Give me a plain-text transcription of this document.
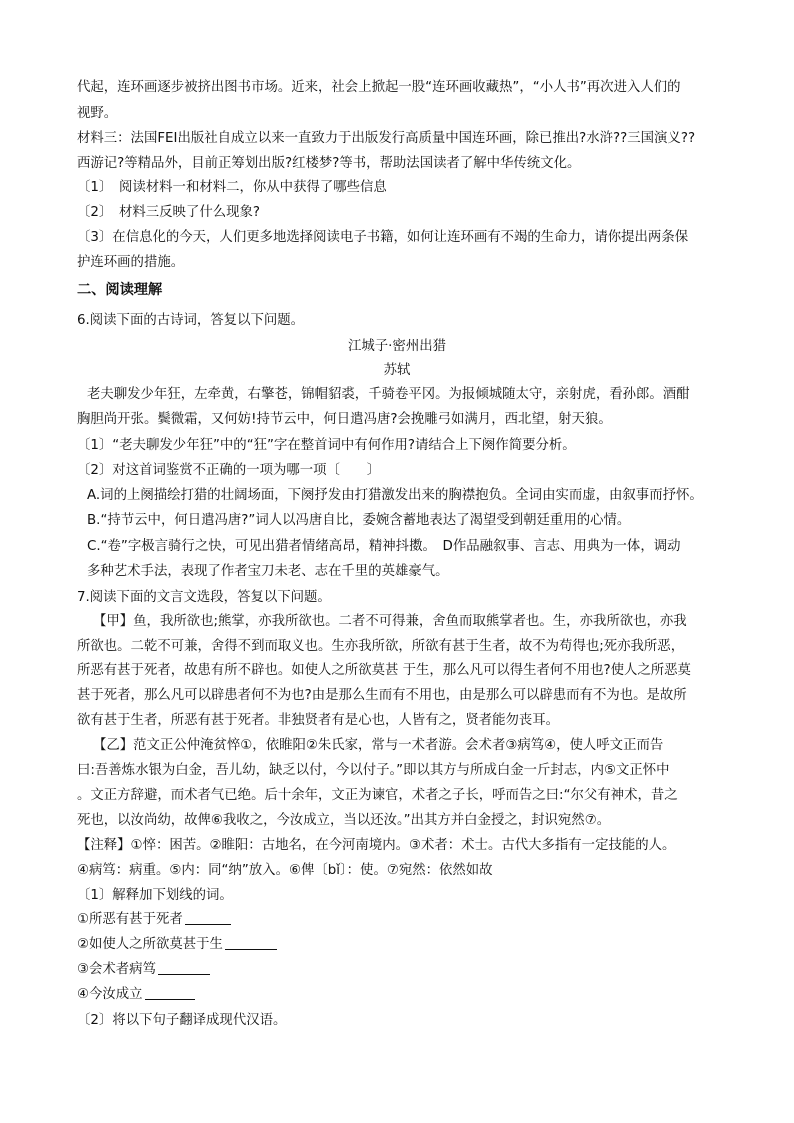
代起，连环画逐步被挤出图书市场。近来，社会上掀起一股“连环画收藏热”，“小人书”再次进入人们的
视野。
材料三：法国FEI出版社自成立以来一直致力于出版发行高质量中国连环画，除已推出?水浒??三国演义??
西游记?等精品外，目前正筹划出版?红楼梦?等书，帮助法国读者了解中华传统文化。
〔1〕　阅读材料一和材料二，你从中获得了哪些信息
〔2〕　材料三反映了什么现象?
〔3〕在信息化的今天，人们更多地选择阅读电子书籍，如何让连环画有不竭的生命力，请你提出两条保
护连环画的措施。
二、阅读理解
6.阅读下面的古诗词，答复以下问题。
江城子·密州出猎
苏轼
老夫聊发少年狂，左牵黄，右擎苍，锦帽貂裘，千骑卷平冈。为报倾城随太守，亲射虎，看孙郎。酒酣
胸胆尚开张。鬓微霜，又何妨!持节云中，何日遣冯唐?会挽雕弓如满月，西北望，射天狼。
〔1〕“老夫聊发少年狂”中的“狂”字在整首词中有何作用?请结合上下阕作简要分析。
〔2〕对这首词鉴赏不正确的一项为哪一项〔　　〕
A.词的上阕描绘打猎的壮阔场面，下阕抒发由打猎激发出来的胸襟抱负。全词由实而虚，由叙事而抒怀。
B.“持节云中，何日遣冯唐?”词人以冯唐自比，委婉含蓄地表达了渴望受到朝廷重用的心情。
C.“卷”字极言骑行之快，可见出猎者情绪高昂，精神抖擞。　D作品融叙事、言志、用典为一体，调动
多种艺术手法，表现了作者宝刀未老、志在千里的英雄豪气。
7.阅读下面的文言文选段，答复以下问题。
【甲】鱼，我所欲也;熊掌，亦我所欲也。二者不可得兼，舍鱼而取熊掌者也。生，亦我所欲也，亦我
所欲也。二乾不可兼，舍得不到而取义也。生亦我所欲，所欲有甚于生者，故不为苟得也;死亦我所恶，
所恶有甚于死者，故患有所不辟也。如使人之所欲莫甚 于生，那么凡可以得生者何不用也?使人之所恶莫
甚于死者，那么凡可以辟患者何不为也?由是那么生而有不用也，由是那么可以辟患而有不为也。是故所
欲有甚于生者，所恶有甚于死者。非独贤者有是心也，人皆有之，贤者能勿丧耳。
【乙】范文正公仲淹贫悴①，依睢阳②朱氏家，常与一术者游。会术者③病笃④，使人呼文正而告
曰:吾善炼水银为白金，吾儿幼，缺乏以付，今以付子。”即以其方与所成白金一斤封志，内⑤文正怀中
。文正方辞避，而术者气已绝。后十余年，文正为谏官，术者之子长，呼而告之曰:“尔父有神术，昔之
死也，以汝尚幼，故俾⑥我收之，今汝成立，当以还汝。”出其方并白金授之，封识宛然⑦。
【注释】①悴：困苦。②睢阳：古地名，在今河南境内。③术者：术士。古代大多指有一定技能的人。
④病笃：病重。⑤内：同“纳”放入。⑥俾〔bǐ〕：使。⑦宛然：依然如故
〔1〕解释加下划线的词。
①所恶有甚于死者
②如使人之所欲莫甚于生
③会术者病笃
④今汝成立
〔2〕将以下句子翻译成现代汉语。
